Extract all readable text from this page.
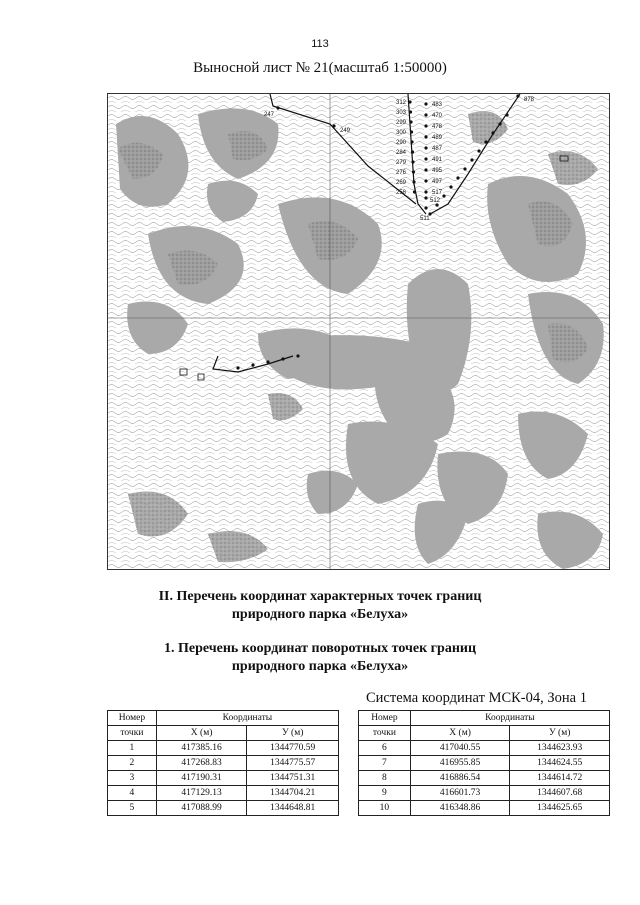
113
Выносной лист № 21(масштаб 1:50000)
247
249
312
303
299
300
290
284
279
276
269
258
483
470
478
489
487
491
495
497
517
512
511
878
II. Перечень координат характерных точек границ
природного парка «Белуха»
1. Перечень координат поворотных точек границ
природного парка «Белуха»
Система координат МСК-04, Зона 1
Номер	Координаты	
точки	X (м)	У (м)
1	417385.16	1344770.59
2	417268.83	1344775.57
3	417190.31	1344751.31
4	417129.13	1344704.21
5	417088.99	1344648.81
Номер	Координаты	
точки	X (м)	У (м)
6	417040.55	1344623.93
7	416955.85	1344624.55
8	416886.54	1344614.72
9	416601.73	1344607.68
10	416348.86	1344625.65
